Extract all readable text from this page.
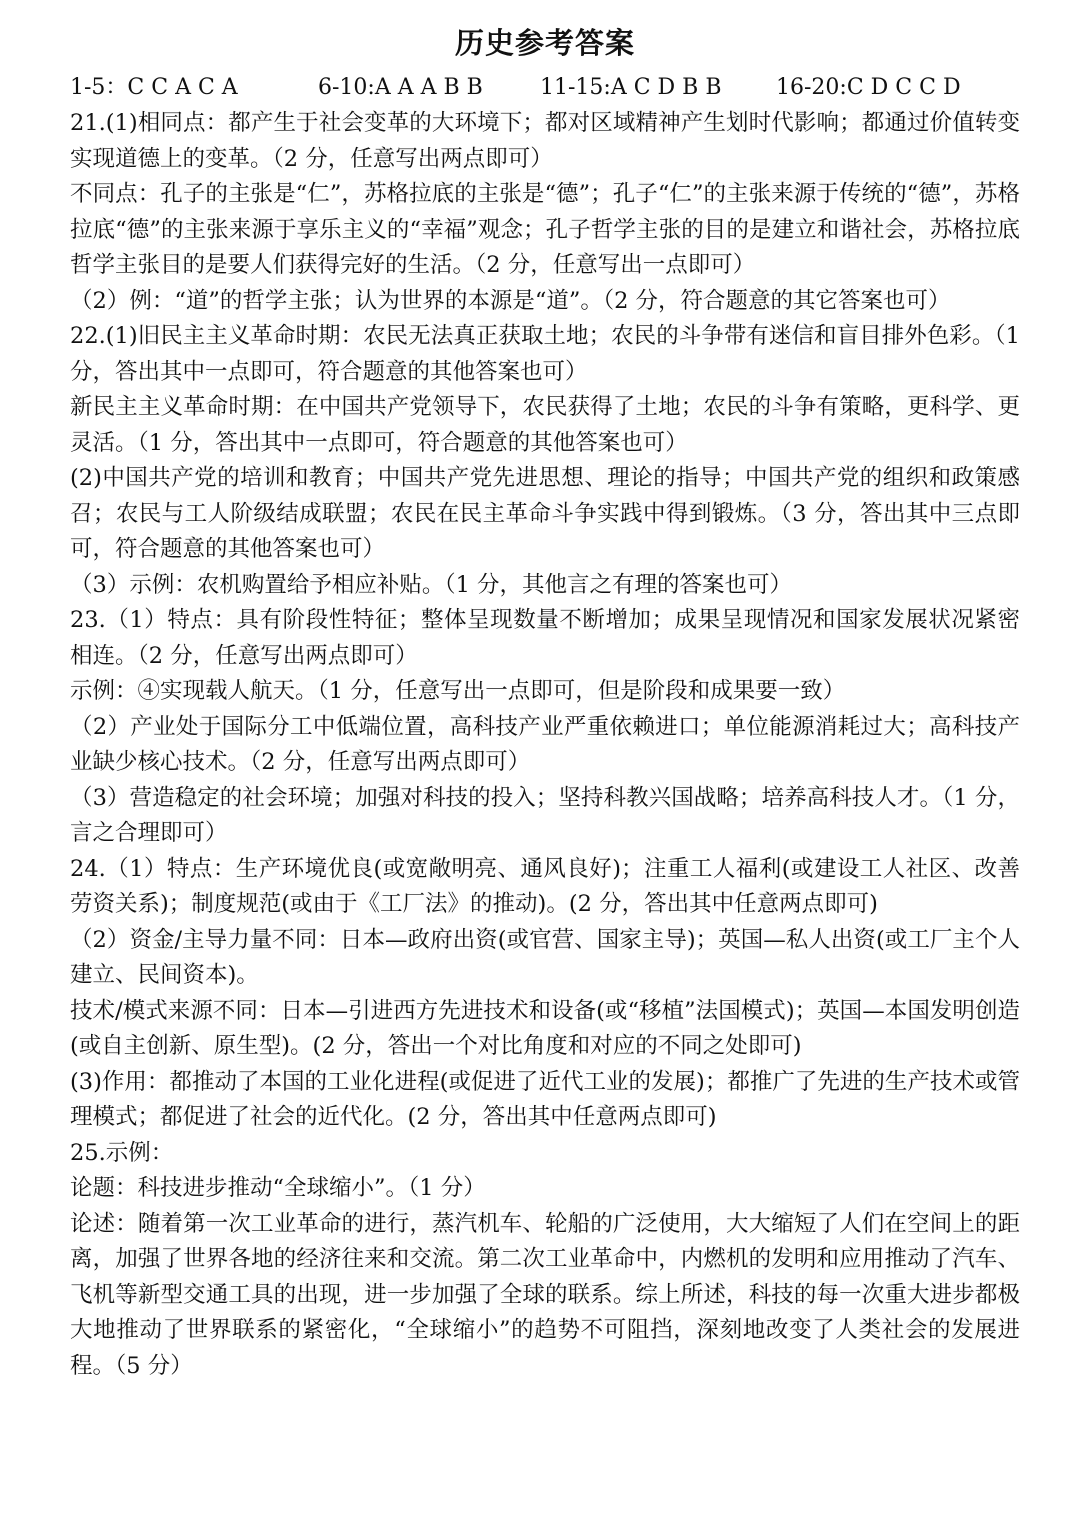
历史参考答案
1-5：C C A C A	6-10:A A A B B	11-15:A C D B B	16-20:C D C C D

21.(1)相同点：都产生于社会变革的大环境下；都对区域精神产生划时代影响；都通过价值转变实现道德上的变革。（2 分，任意写出两点即可）

不同点：孔子的主张是“仁”，苏格拉底的主张是“德”；孔子“仁”的主张来源于传统的“德”，苏格拉底“德”的主张来源于享乐主义的“幸福”观念；孔子哲学主张的目的是建立和谐社会，苏格拉底哲学主张目的是要人们获得完好的生活。（2 分，任意写出一点即可）

（2）例：“道”的哲学主张；认为世界的本源是“道”。（2 分，符合题意的其它答案也可）

22.(1)旧民主主义革命时期：农民无法真正获取土地；农民的斗争带有迷信和盲目排外色彩。（1 分，答出其中一点即可，符合题意的其他答案也可）

新民主主义革命时期：在中国共产党领导下，农民获得了土地；农民的斗争有策略，更科学、更灵活。（1 分，答出其中一点即可，符合题意的其他答案也可）

(2)中国共产党的培训和教育；中国共产党先进思想、理论的指导；中国共产党的组织和政策感召；农民与工人阶级结成联盟；农民在民主革命斗争实践中得到锻炼。（3 分，答出其中三点即可，符合题意的其他答案也可）

（3）示例：农机购置给予相应补贴。（1 分，其他言之有理的答案也可）

23.（1）特点：具有阶段性特征；整体呈现数量不断增加；成果呈现情况和国家发展状况紧密相连。（2 分，任意写出两点即可）

示例：④实现载人航天。（1 分，任意写出一点即可，但是阶段和成果要一致）

（2）产业处于国际分工中低端位置，高科技产业严重依赖进口；单位能源消耗过大；高科技产业缺少核心技术。（2 分，任意写出两点即可）

（3）营造稳定的社会环境；加强对科技的投入；坚持科教兴国战略；培养高科技人才。（1 分，言之合理即可）

24.（1）特点：生产环境优良(或宽敞明亮、通风良好)；注重工人福利(或建设工人社区、改善劳资关系)；制度规范(或由于《工厂法》的推动)。(2 分，答出其中任意两点即可)

（2）资金/主导力量不同：日本—政府出资(或官营、国家主导)；英国—私人出资(或工厂主个人建立、民间资本)。

技术/模式来源不同：日本—引进西方先进技术和设备(或“移植”法国模式)；英国—本国发明创造(或自主创新、原生型)。(2 分，答出一个对比角度和对应的不同之处即可)

(3)作用：都推动了本国的工业化进程(或促进了近代工业的发展)；都推广了先进的生产技术或管理模式；都促进了社会的近代化。(2 分，答出其中任意两点即可)

25.示例：

论题：科技进步推动“全球缩小”。（1 分）

论述：随着第一次工业革命的进行，蒸汽机车、轮船的广泛使用，大大缩短了人们在空间上的距离，加强了世界各地的经济往来和交流。第二次工业革命中，内燃机的发明和应用推动了汽车、飞机等新型交通工具的出现，进一步加强了全球的联系。综上所述，科技的每一次重大进步都极大地推动了世界联系的紧密化，“全球缩小”的趋势不可阻挡，深刻地改变了人类社会的发展进程。（5 分）
